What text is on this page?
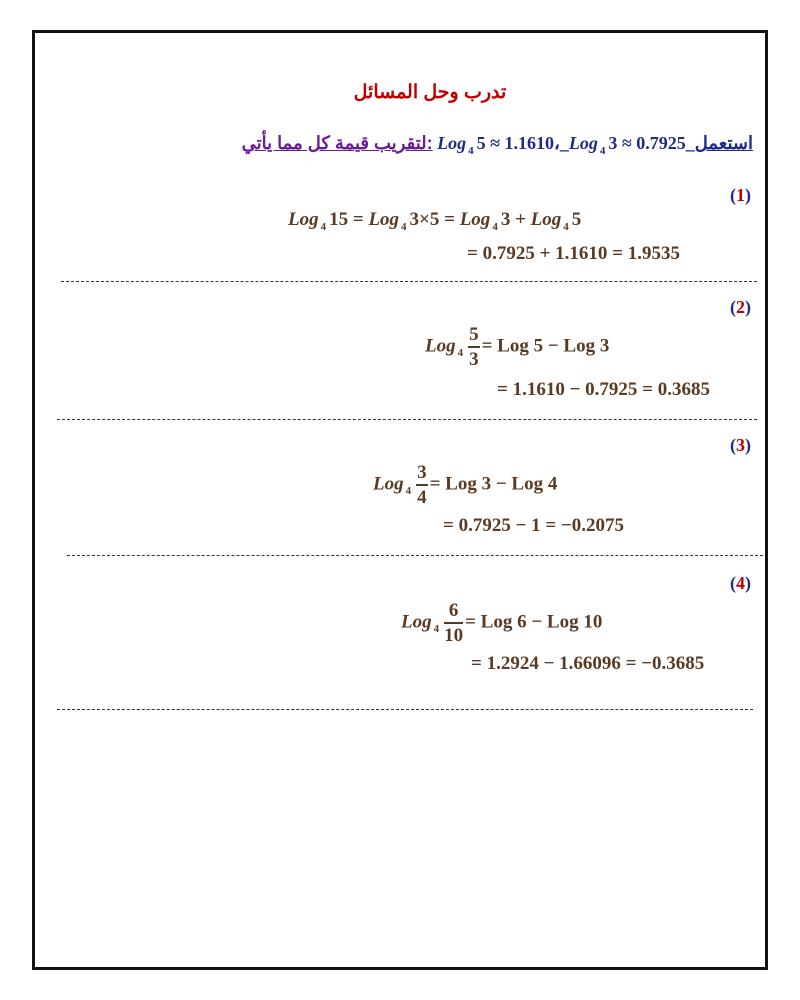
تدرب وحل المسائل
لتقريب قيمة كل مما يأتي: Log $_4$ 5 ≈ 1.1610،_Log $_4$ 3 ≈ 0.7925_استعمل
(1)
Log $_4$ 15 = Log $_4$ 3×5 = Log $_4$ 3 + Log $_4$ 5
= 0.7925 + 1.1610 = 1.9535
(2)
Log $_4 \frac{5}{3}$ = Log 5 − Log 3
= 1.1610 − 0.7925 = 0.3685
(3)
Log $_4 \frac{3}{4}$ = Log 3 − Log 4
= 0.7925 − 1 = −0.2075
(4)
Log $_4 \frac{6}{10}$ = Log 6 − Log 10
= 1.2924 − 1.66096 = −0.3685
